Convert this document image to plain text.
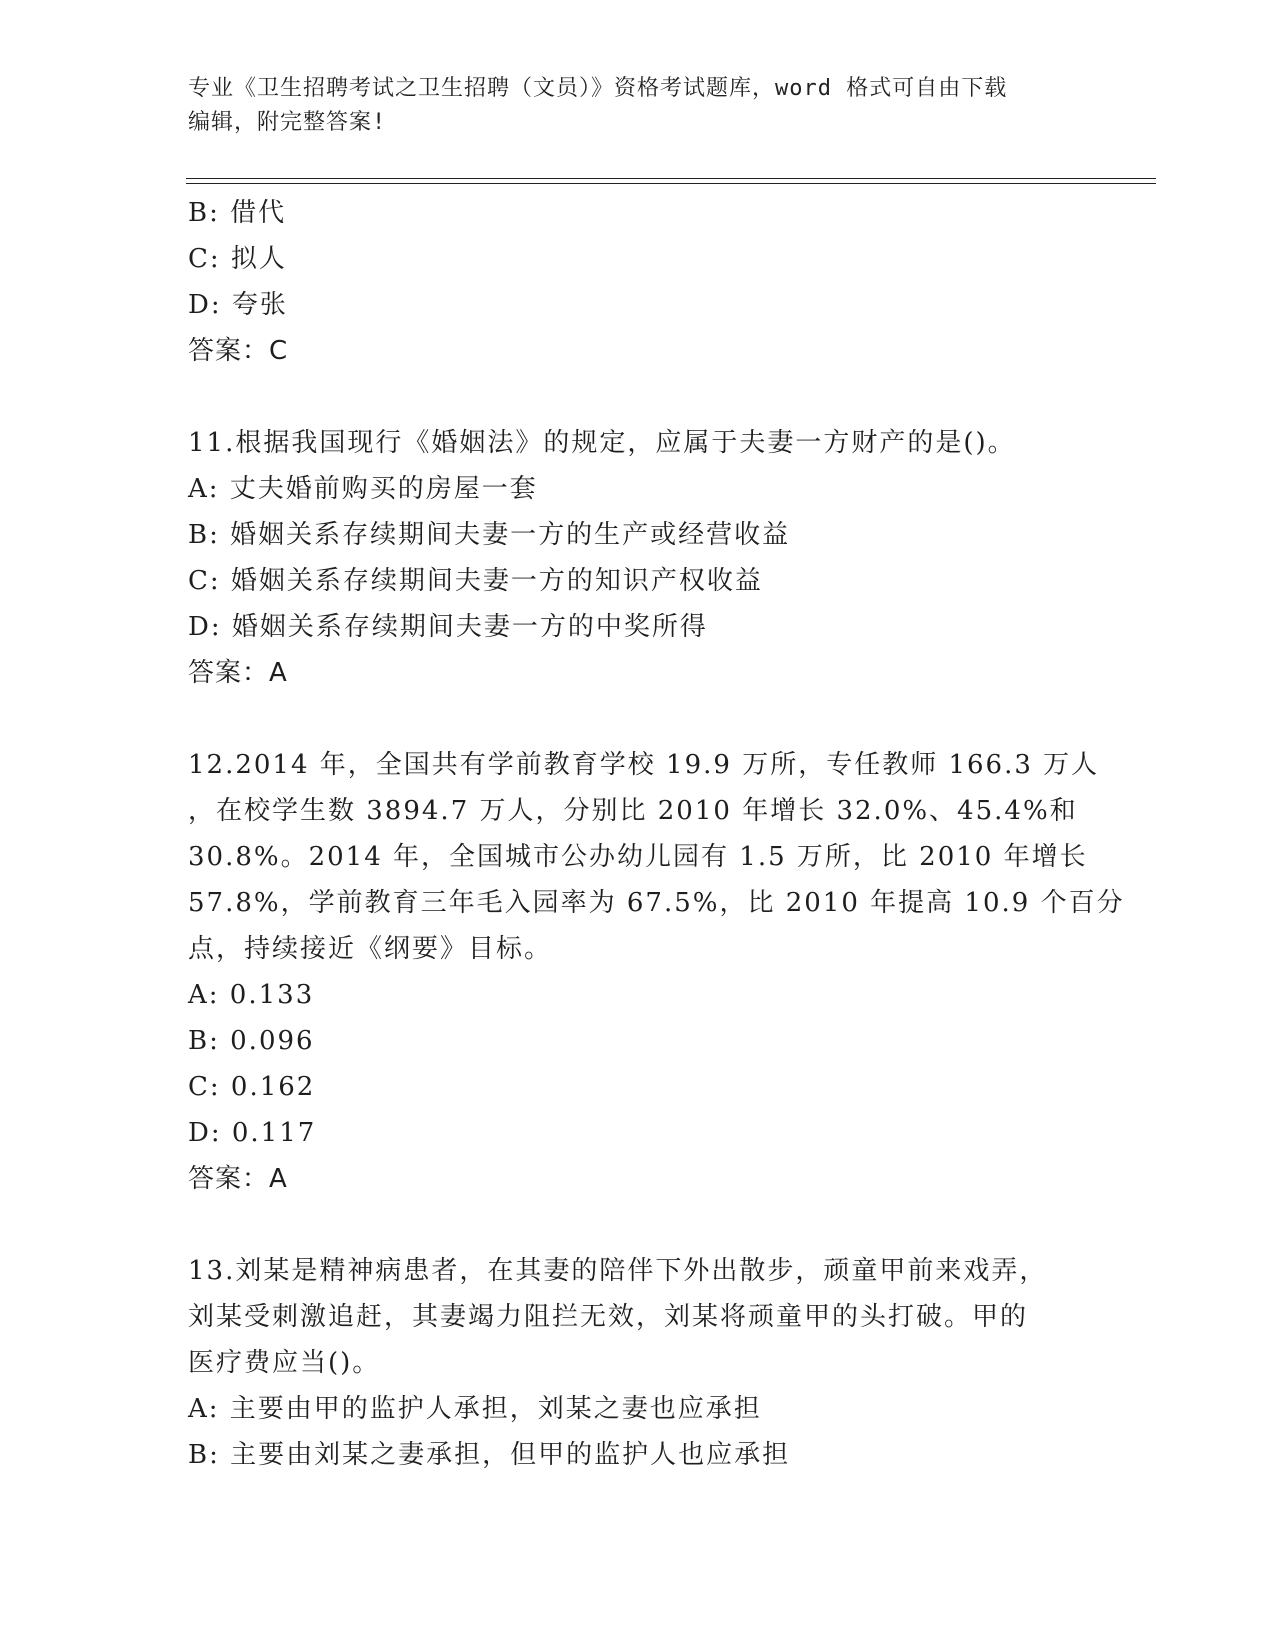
专业《卫生招聘考试之卫生招聘（文员）》资格考试题库，word 格式可自由下载
编辑，附完整答案!
B: 借代
C: 拟人
D: 夸张
答案：C
11.根据我国现行《婚姻法》的规定，应属于夫妻一方财产的是()。
A: 丈夫婚前购买的房屋一套
B: 婚姻关系存续期间夫妻一方的生产或经营收益
C: 婚姻关系存续期间夫妻一方的知识产权收益
D: 婚姻关系存续期间夫妻一方的中奖所得
答案：A
12.2014 年，全国共有学前教育学校 19.9 万所，专任教师 166.3 万人
，在校学生数 3894.7 万人，分别比 2010 年增长 32.0%、45.4%和
30.8%。2014 年，全国城市公办幼儿园有 1.5 万所，比 2010 年增长
57.8%，学前教育三年毛入园率为 67.5%，比 2010 年提高 10.9 个百分
点，持续接近《纲要》目标。
A: 0.133
B: 0.096
C: 0.162
D: 0.117
答案：A
13.刘某是精神病患者，在其妻的陪伴下外出散步，顽童甲前来戏弄，
刘某受刺激追赶，其妻竭力阻拦无效，刘某将顽童甲的头打破。甲的
医疗费应当()。
A: 主要由甲的监护人承担，刘某之妻也应承担
B: 主要由刘某之妻承担，但甲的监护人也应承担
